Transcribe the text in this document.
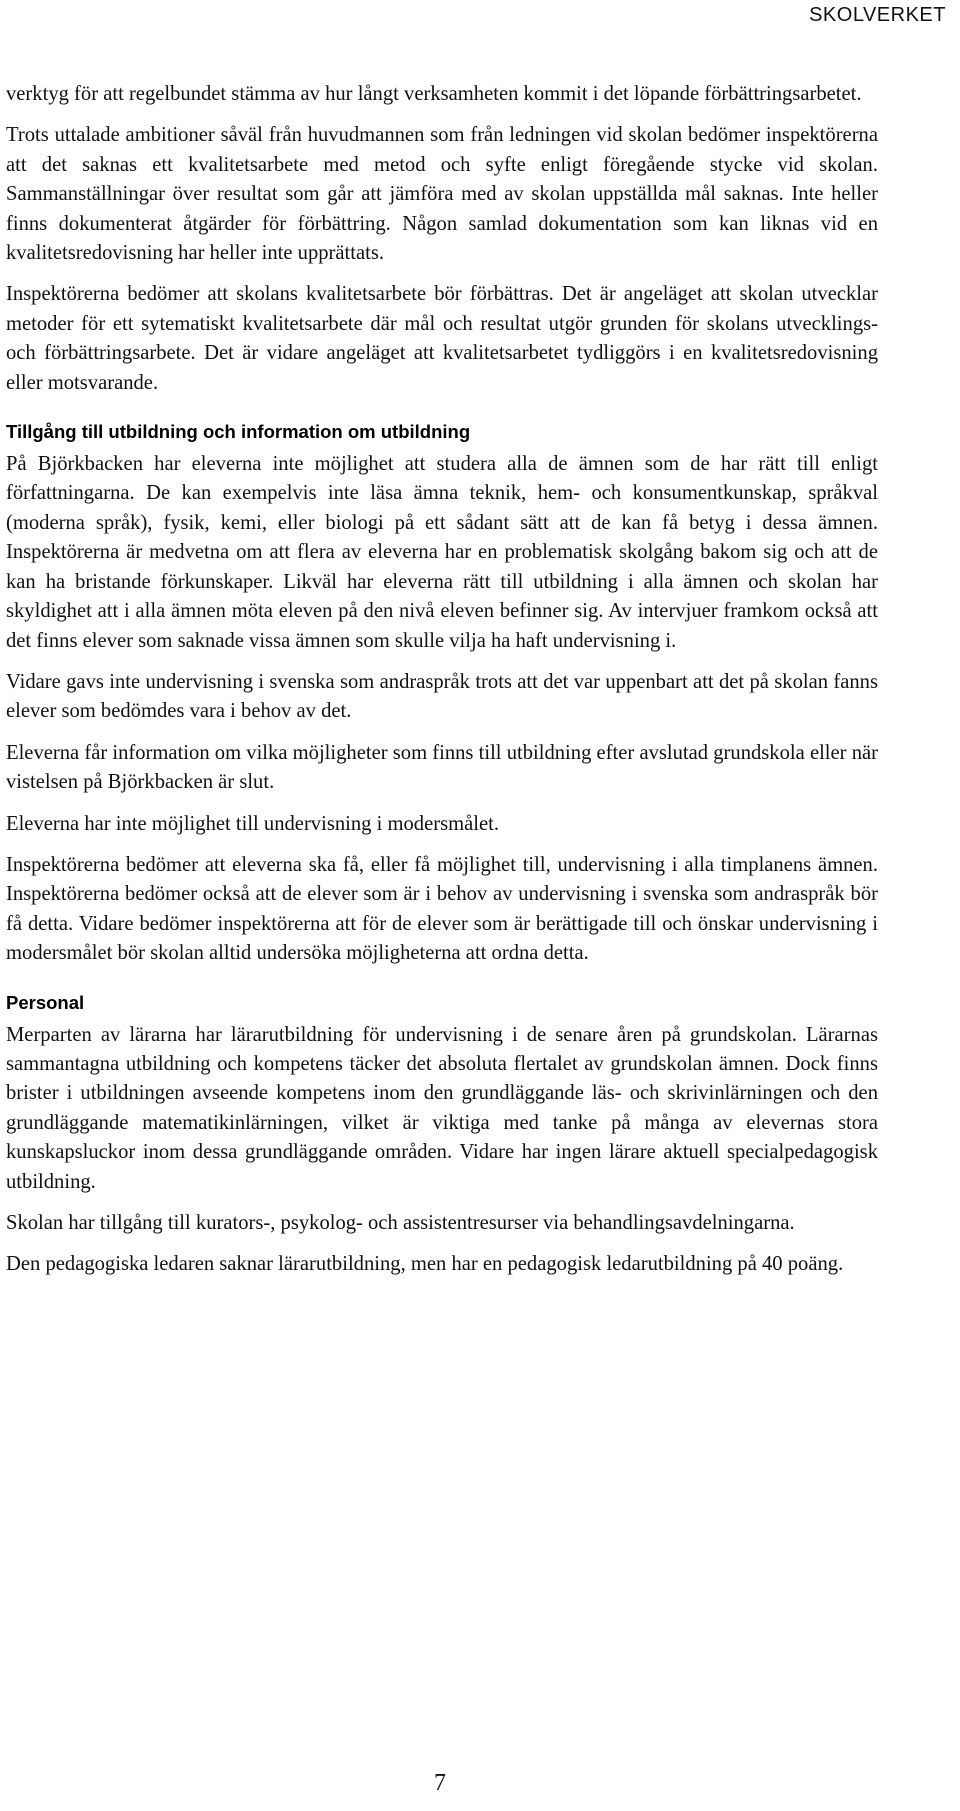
SKOLVERKET

verktyg för att regelbundet stämma av hur långt verksamheten kommit i det löpande förbättringsarbetet.

Trots uttalade ambitioner såväl från huvudmannen som från ledningen vid skolan bedömer inspektörerna att det saknas ett kvalitetsarbete med metod och syfte enligt föregående stycke vid skolan. Sammanställningar över resultat som går att jämföra med av skolan uppställda mål saknas. Inte heller finns dokumenterat åtgärder för förbättring. Någon samlad dokumentation som kan liknas vid en kvalitetsredovisning har heller inte upprättats.

Inspektörerna bedömer att skolans kvalitetsarbete bör förbättras. Det är angeläget att skolan utvecklar metoder för ett sytematiskt kvalitetsarbete där mål och resultat utgör grunden för skolans utvecklings- och förbättringsarbete. Det är vidare angeläget att kvalitetsarbetet tydliggörs i en kvalitetsredovisning eller motsvarande.

Tillgång till utbildning och information om utbildning

På Björkbacken har eleverna inte möjlighet att studera alla de ämnen som de har rätt till enligt författningarna. De kan exempelvis inte läsa ämna teknik, hem- och konsumentkunskap, språkval (moderna språk), fysik, kemi, eller biologi på ett sådant sätt att de kan få betyg i dessa ämnen. Inspektörerna är medvetna om att flera av eleverna har en problematisk skolgång bakom sig och att de kan ha bristande förkunskaper. Likväl har eleverna rätt till utbildning i alla ämnen och skolan har skyldighet att i alla ämnen möta eleven på den nivå eleven befinner sig. Av intervjuer framkom också att det finns elever som saknade vissa ämnen som skulle vilja ha haft undervisning i.

Vidare gavs inte undervisning i svenska som andraspråk trots att det var uppenbart att det på skolan fanns elever som bedömdes vara i behov av det.

Eleverna får information om vilka möjligheter som finns till utbildning efter avslutad grundskola eller när vistelsen på Björkbacken är slut.

Eleverna har inte möjlighet till undervisning i modersmålet.

Inspektörerna bedömer att eleverna ska få, eller få möjlighet till, undervisning i alla timplanens ämnen. Inspektörerna bedömer också att de elever som är i behov av undervisning i svenska som andraspråk bör få detta. Vidare bedömer inspektörerna att för de elever som är berättigade till och önskar undervisning i modersmålet bör skolan alltid undersöka möjligheterna att ordna detta.

Personal

Merparten av lärarna har lärarutbildning för undervisning i de senare åren på grundskolan. Lärarnas sammantagna utbildning och kompetens täcker det absoluta flertalet av grundskolan ämnen. Dock finns brister i utbildningen avseende kompetens inom den grundläggande läs- och skrivinlärningen och den grundläggande matematikinlärningen, vilket är viktiga med tanke på många av elevernas stora kunskapsluckor inom dessa grundläggande områden. Vidare har ingen lärare aktuell specialpedagogisk utbildning.

Skolan har tillgång till kurators-, psykolog- och assistentresurser via behandlingsavdelningarna.

Den pedagogiska ledaren saknar lärarutbildning, men har en pedagogisk ledarutbildning på 40 poäng.

7
